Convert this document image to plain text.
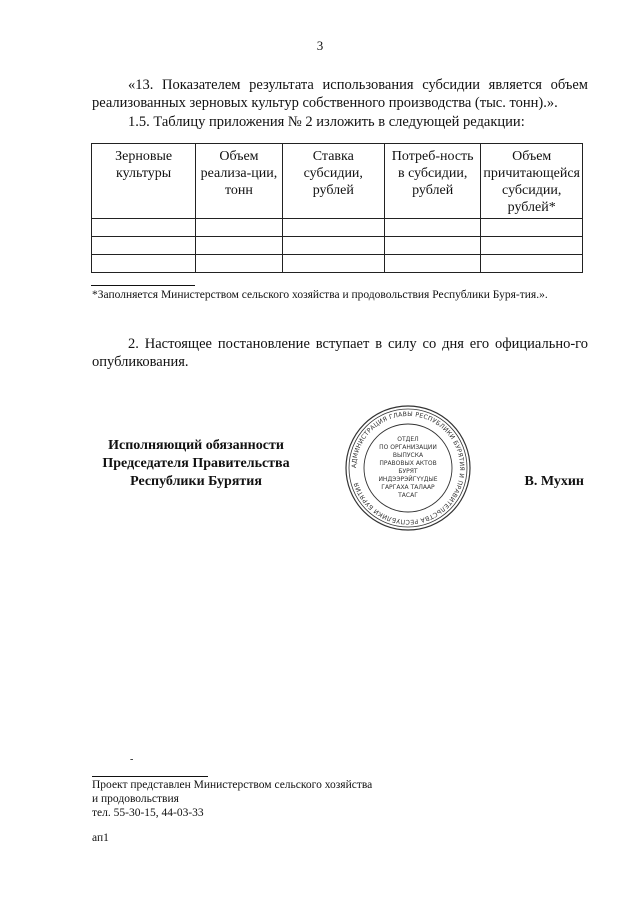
3
«13. Показателем результата использования субсидии является объем реализованных зерновых культур собственного производства (тыс. тонн).».
1.5. Таблицу приложения № 2 изложить в следующей редакции:
Зерновые культуры	Объем реализа-ции, тонн	Ставка субсидии, рублей	Потреб-ность в субсидии, рублей	Объем причитающейся субсидии, рублей*

*Заполняется Министерством сельского хозяйства и продовольствия Республики Буря-тия.».
2. Настоящее постановление вступает в силу со дня его официально-го опубликования.
Исполняющий обязанности
Председателя Правительства
Республики Бурятия
АДМИНИСТРАЦИЯ ГЛАВЫ РЕСПУБЛИКИ БУРЯТИЯ И ПРАВИТЕЛЬСТВА РЕСПУБЛИКИ БУРЯТИЯ
ОТДЕЛ
ПО ОРГАНИЗАЦИИ
ВЫПУСКА
ПРАВОВЫХ АКТОВ
БУРЯТ
ИНДЭЭРЭЙГҮҮДЫЕ
ГАРГАХА ТАЛААР
ТАСАГ
В. Мухин
-
Проект представлен Министерством сельского хозяйства
и продовольствия
тел. 55-30-15, 44-03-33
ап1
